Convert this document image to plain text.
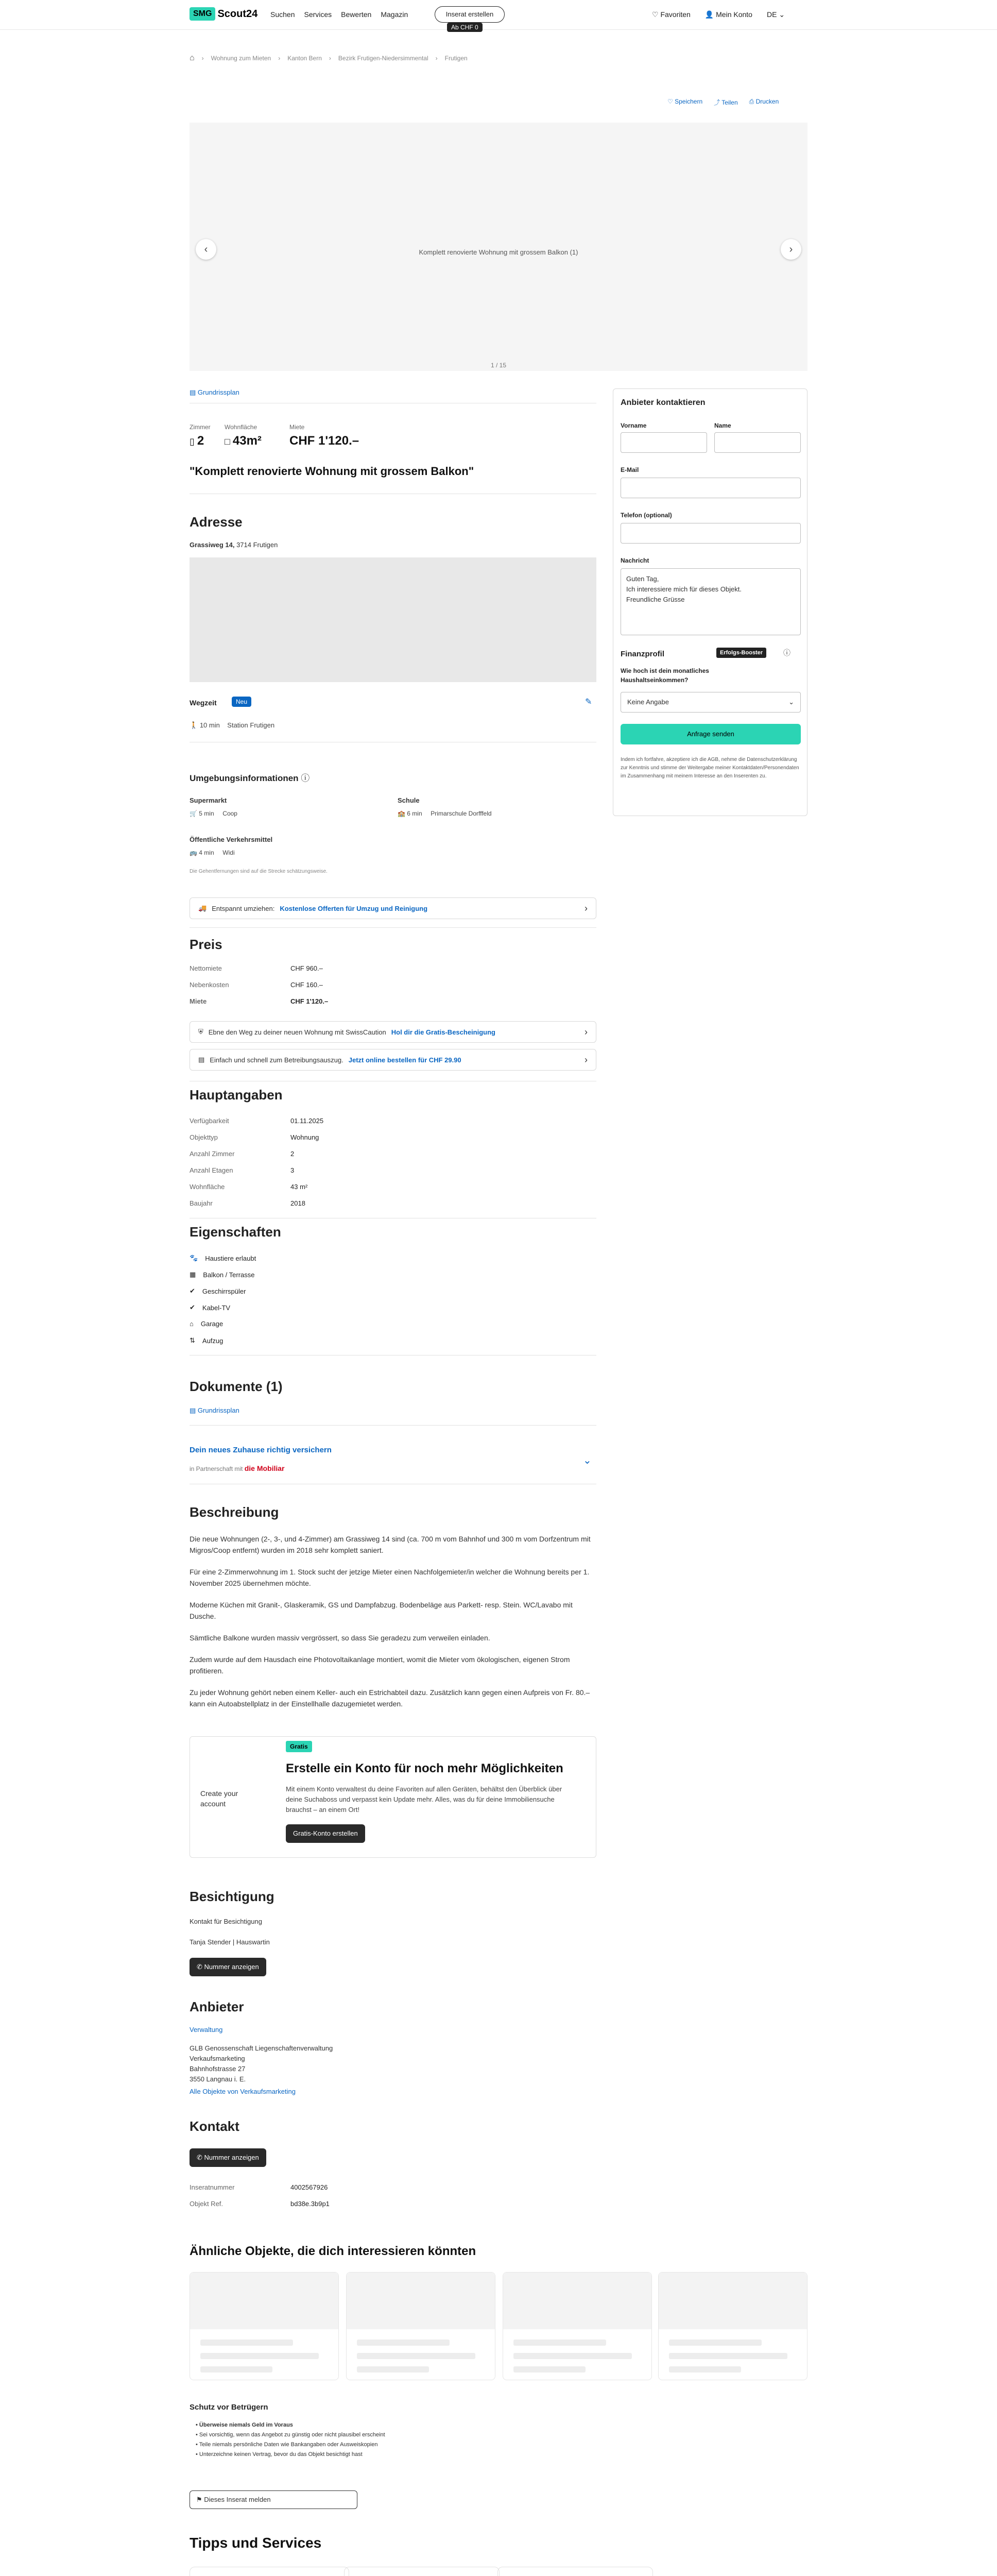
SMG Scout24 Suchen Services Bewerten Magazin	Inserat erstellen
Ab CHF 0
♡ Favoriten 👤 Mein Konto DE ⌄
⌂ › Wohnung zum Mieten › Kanton Bern › Bezirk Frutigen-Niedersimmental › Frutigen
♡ Speichern ⤴ Teilen ⎙ Drucken
Komplett renovierte Wohnung mit grossem Balkon (1)
‹	›
1 / 15
▤ Grundrissplan
Zimmer Wohnfläche	Miete
▯ 2 □ 43m² CHF 1'120.–
"Komplett renovierte Wohnung mit grossem Balkon"
Adresse
Grassiweg 14, 3714 Frutigen
Wegzeit	Neu	✎
🚶 10 min Station Frutigen
Umgebungsinformationen ⓘ
Supermarkt
🛒 5 min Coop
Schule
🏫 6 min Primarschule Dorfffeld
Öffentliche Verkehrsmittel
🚌 4 min Widi
Die Gehentfernungen sind auf die Strecke schätzungsweise.
🚚 Entspannt umziehen: Kostenlose Offerten für Umzug und Reinigung	›
Preis
Nettomiete	CHF 960.–
Nebenkosten	CHF 160.–
Miete	CHF 1'120.–
⛨ Ebne den Weg zu deiner neuen Wohnung mit SwissCaution Hol dir die Gratis-Bescheinigung	›
▤ Einfach und schnell zum Betreibungsauszug. Jetzt online bestellen für CHF 29.90	›
Hauptangaben
Verfügbarkeit	01.11.2025
Objekttyp	Wohnung
Anzahl Zimmer	2
Anzahl Etagen	3
Wohnfläche	43 m²
Baujahr	2018
Eigenschaften
🐾 Haustiere erlaubt
▦ Balkon / Terrasse
✔ Geschirrspüler
✔ Kabel-TV
⌂ Garage
⇅ Aufzug
Dokumente (1)
▤ Grundrissplan
Dein neues Zuhause richtig versichern
in Partnerschaft mit die Mobiliar
⌄
Beschreibung
Die neue Wohnungen (2-, 3-, und 4-Zimmer) am Grassiweg 14 sind (ca. 700 m vom Bahnhof und 300 m vom Dorfzentrum mit Migros/Coop entfernt) wurden im 2018 sehr komplett saniert.
Für eine 2-Zimmerwohnung im 1. Stock sucht der jetzige Mieter einen Nachfolgemieter/in welcher die Wohnung bereits per 1. November 2025 übernehmen möchte.
Moderne Küchen mit Granit-, Glaskeramik, GS und Dampfabzug. Bodenbeläge aus Parkett- resp. Stein. WC/Lavabo mit Dusche.
Sämtliche Balkone wurden massiv vergrössert, so dass Sie geradezu zum verweilen einladen.
Zudem wurde auf dem Hausdach eine Photovoltaikanlage montiert, womit die Mieter vom ökologischen, eigenen Strom profitieren.
Zu jeder Wohnung gehört neben einem Keller- auch ein Estrichabteil dazu. Zusätzlich kann gegen einen Aufpreis von Fr. 80.– kann ein Autoabstellplatz in der Einstellhalle dazugemietet werden.
Create your account
Gratis
Erstelle ein Konto für noch mehr Möglichkeiten
Mit einem Konto verwaltest du deine Favoriten auf allen Geräten, behältst den Überblick über deine Suchaboss und verpasst kein Update mehr. Alles, was du für deine Immobiliensuche brauchst – an einem Ort!
Gratis-Konto erstellen
Besichtigung
Kontakt für Besichtigung
Tanja Stender | Hauswartin
✆ Nummer anzeigen
Anbieter
Verwaltung
GLB Genossenschaft Liegenschaftenverwaltung
Verkaufsmarketing
Bahnhofstrasse 27
3550 Langnau i. E.
Alle Objekte von Verkaufsmarketing
Kontakt
✆ Nummer anzeigen
Inseratnummer	4002567926
Objekt Ref.	bd38e.3b9p1
Ähnliche Objekte, die dich interessieren könnten
Schutz vor Betrügern
• Überweise niemals Geld im Voraus
• Sei vorsichtig, wenn das Angebot zu günstig oder nicht plausibel erscheint
• Teile niemals persönliche Daten wie Bankangaben oder Ausweiskopien
• Unterzeichne keinen Vertrag, bevor du das Objekt besichtigt hast
⚑ Dieses Inserat melden
Tipps und Services
Anbieter kontaktieren
Vorname	Name
E-Mail
Telefon (optional)
Nachricht
Guten Tag,
Ich interessiere mich für dieses Objekt.
Freundliche Grüsse
Finanzprofil	Erfolgs-Booster	ⓘ
Wie hoch ist dein monatliches Haushaltseinkommen?
Keine Angabe	⌄
Anfrage senden
Indem ich fortfahre, akzeptiere ich die AGB, nehme die Datenschutzerklärung zur Kenntnis und stimme der Weitergabe meiner Kontaktdaten/Personendaten im Zusammenhang mit meinem Interesse an den Inserenten zu.
